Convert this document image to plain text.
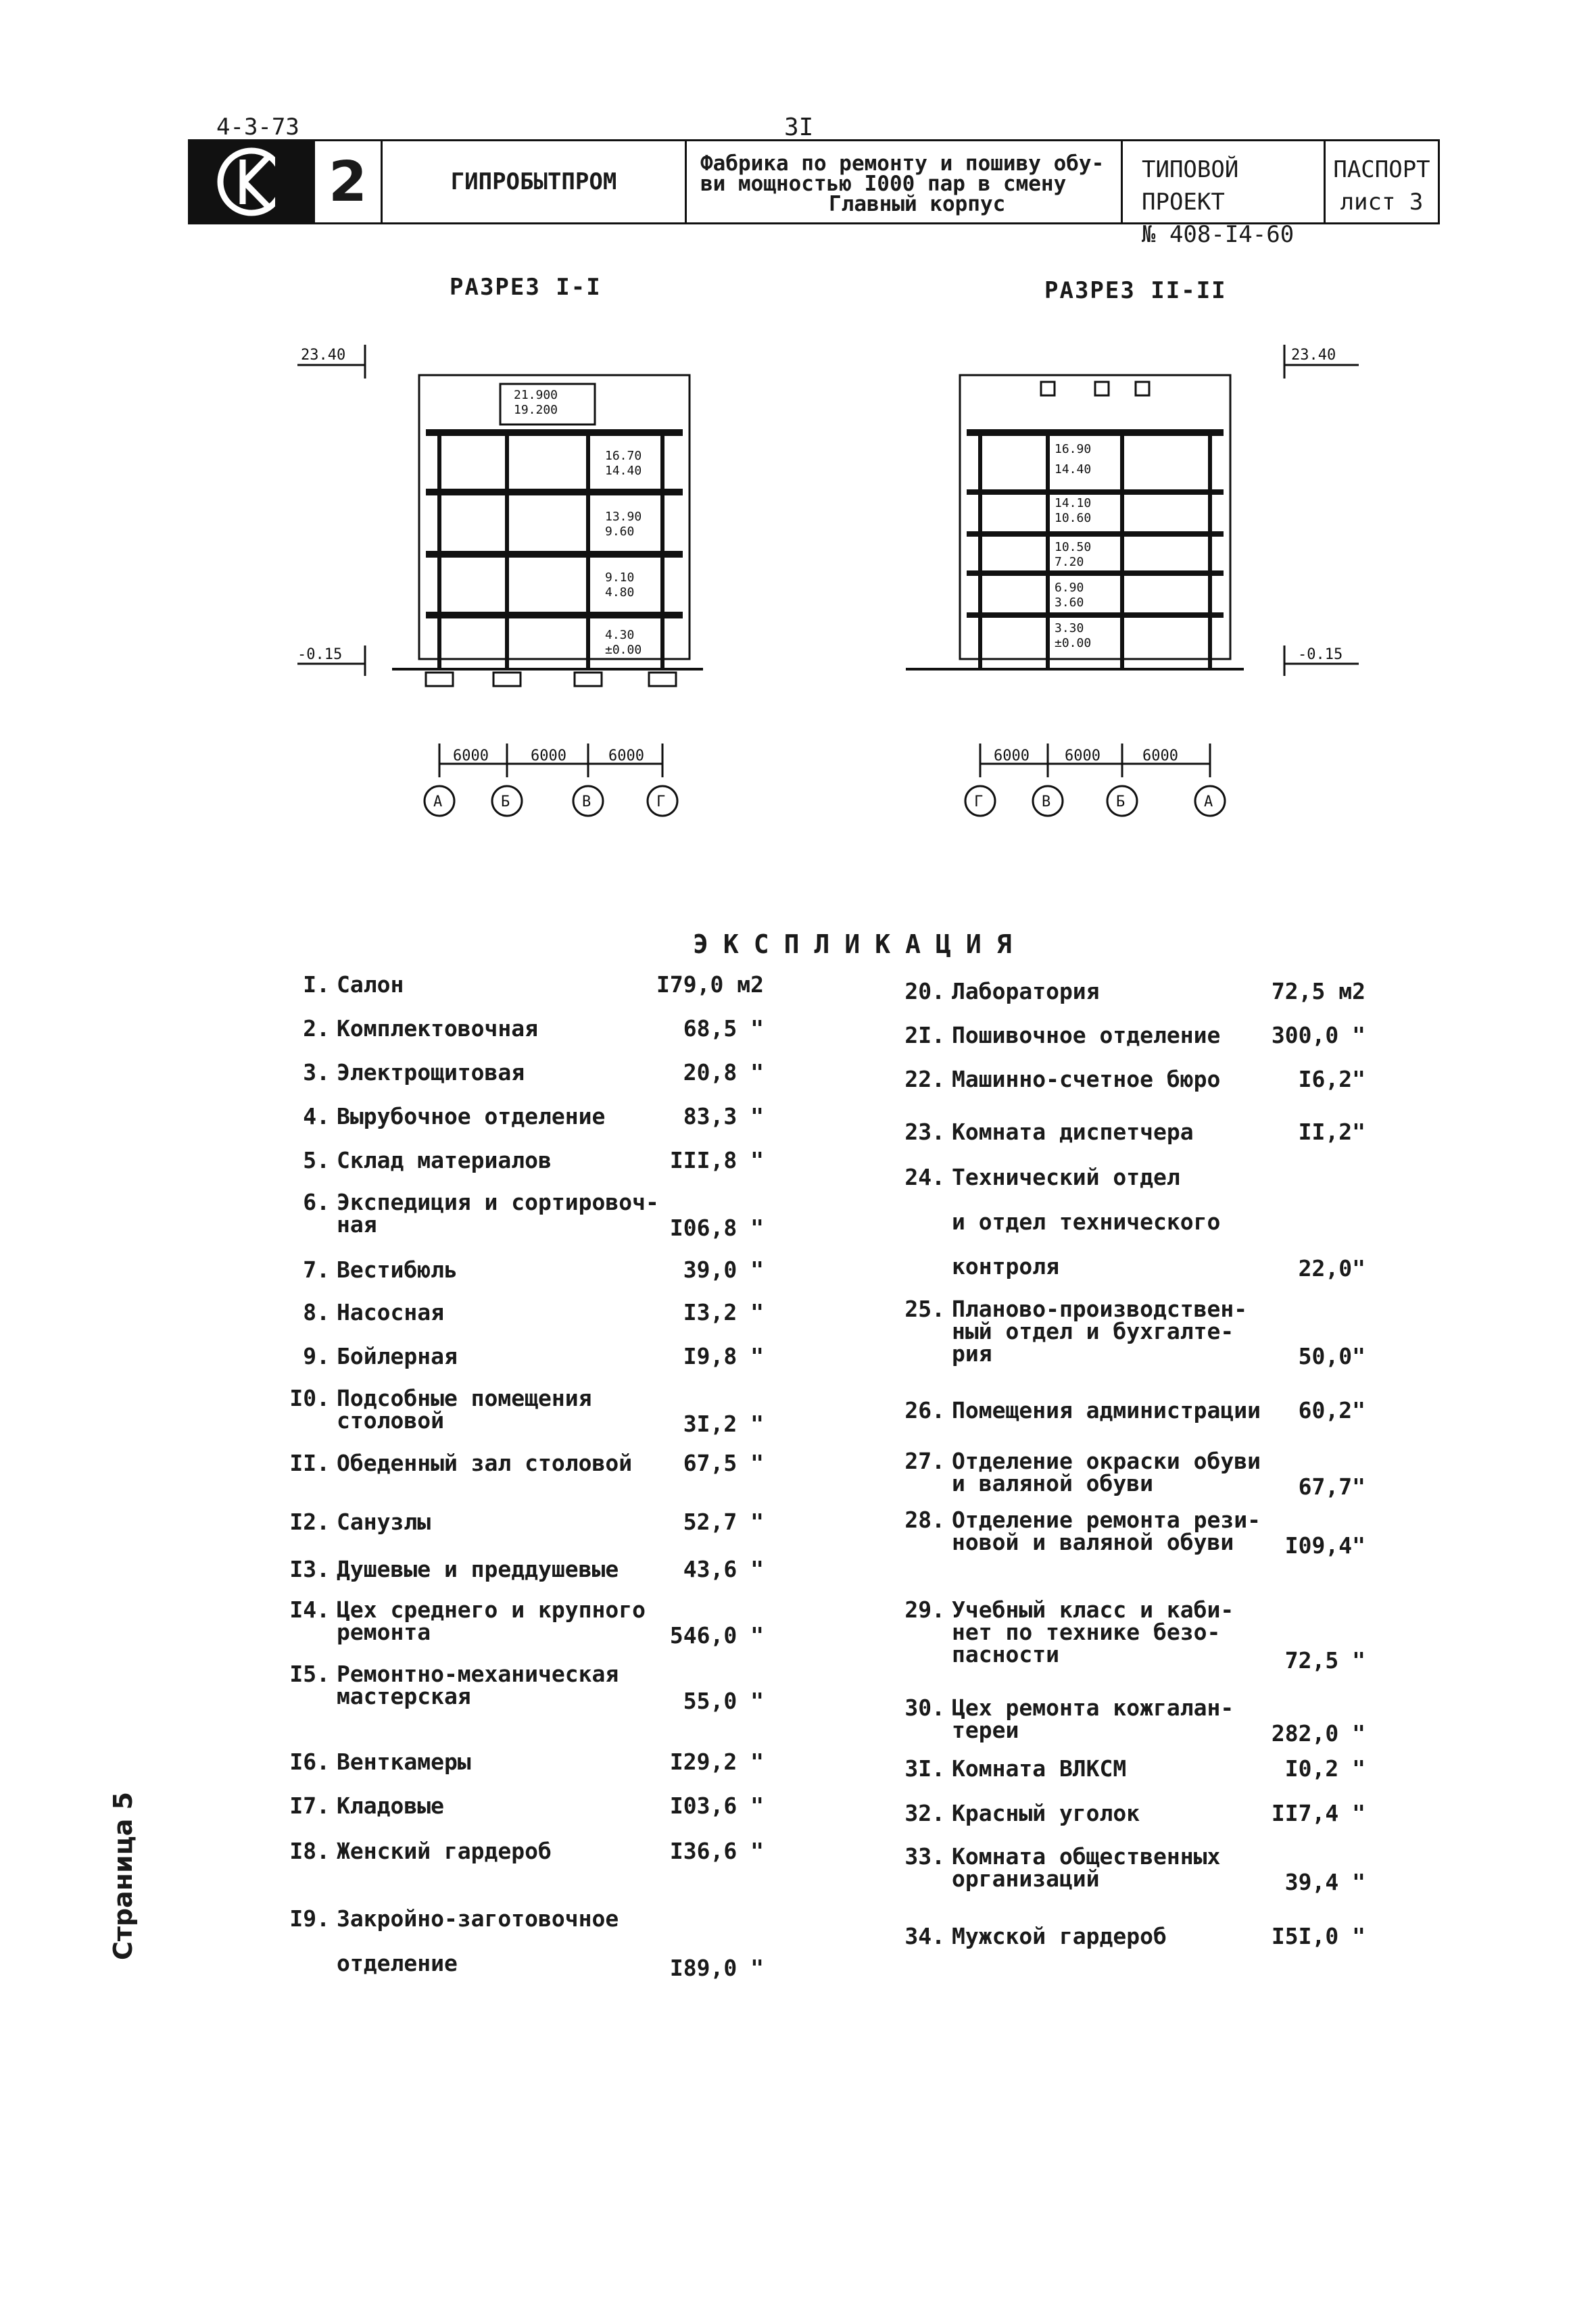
4-3-73	3I
2	ГИПРОБЫТПРОМ
Фабрика по ремонту и пошиву обу-
ви мощностью I000 пар в смену
Главный корпус
ТИПОВОЙ ПРОЕКТ
№ 408-I4-60
ПАСПОРТ
лист 3
РАЗРЕЗ I-I
23.40
-0.15
21.900
19.200
16.70
14.40
13.90
9.60
9.10
4.80
4.30
±0.00
6000	6000	6000
А	Б	В	Г
РАЗРЕЗ II-II
23.40
-0.15
16.90
14.40
14.10
10.60
10.50
7.20
6.90
3.60
3.30
±0.00
6000 6000	6000
Г	В	Б	А
ЭКСПЛИКАЦИЯ
I. Салон	I79,0 м2
2. Комплектовочная	68,5 "
3. Электрощитовая	20,8 "
4. Вырубочное отделение	83,3 "
5. Склад материалов	III,8 "
6. Экспедиция и сортировоч-
ная	I06,8 "
7. Вестибюль	39,0 "
8. Насосная	I3,2 "
9. Бойлерная	I9,8 "
I0. Подсобные помещения
столовой	3I,2 "
II. Обеденный зал столовой 67,5 "
I2. Санузлы	52,7 "
I3. Душевые и преддушевые	43,6 "
I4. Цех среднего и крупного
ремонта	546,0 "
I5. Ремонтно-механическая
мастерская	55,0 "
I6. Венткамеры	I29,2 "
I7. Кладовые	I03,6 "
I8. Женский гардероб	I36,6 "
I9. Закройно-заготовочное

отделение	I89,0 "
20. Лаборатория	72,5 м2
2I. Пошивочное отделение 300,0 "
22. Машинно-счетное бюро	I6,2"
23. Комната диспетчера	II,2"
24. Технический отдел

и отдел технического

контроля	22,0"
25. Планово-производствен-
ный отдел и бухгалте-
рия	50,0"
26. Помещения администрации 60,2"
27. Отделение окраски обуви
и валяной обуви	67,7"
28. Отделение ремонта рези-
новой и валяной обуви	I09,4"
29. Учебный класс и каби-
нет по технике безо-
пасности	72,5 "
30. Цех ремонта кожгалан-
тереи	282,0 "
3I. Комната ВЛКСМ	I0,2 "
32. Красный уголок	II7,4 "
33. Комната общественных
организаций	39,4 "
34. Мужской гардероб	I5I,0 "
Страница 5
